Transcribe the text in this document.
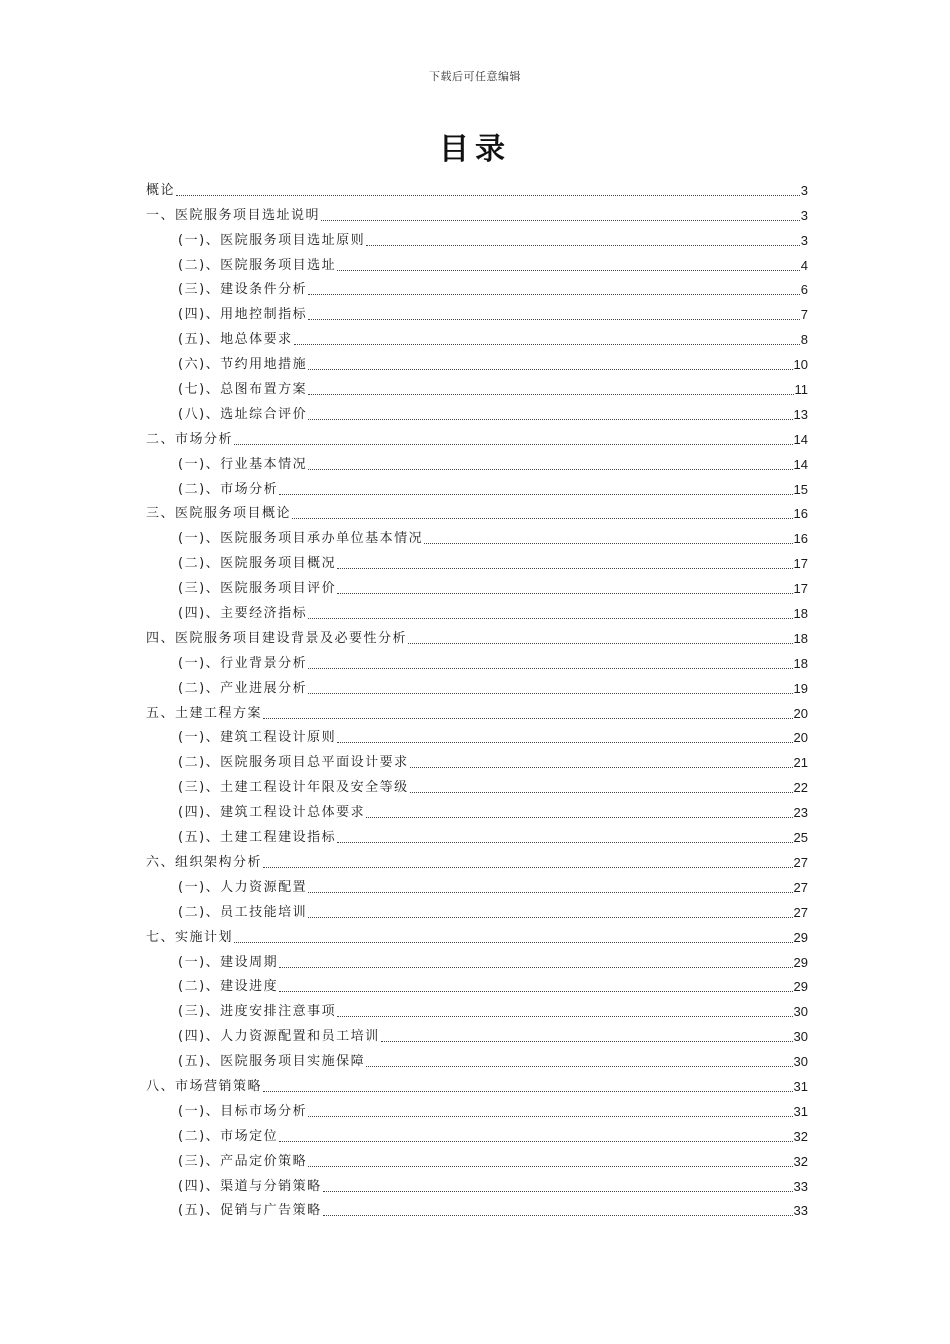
下载后可任意编辑
目录
概论	3
一、医院服务项目选址说明	3
(一)、医院服务项目选址原则	3
(二)、医院服务项目选址	4
(三)、建设条件分析	6
(四)、用地控制指标	7
(五)、地总体要求	8
(六)、节约用地措施	10
(七)、总图布置方案	11
(八)、选址综合评价	13
二、市场分析	14
(一)、行业基本情况	14
(二)、市场分析	15
三、医院服务项目概论	16
(一)、医院服务项目承办单位基本情况	16
(二)、医院服务项目概况	17
(三)、医院服务项目评价	17
(四)、主要经济指标	18
四、医院服务项目建设背景及必要性分析	18
(一)、行业背景分析	18
(二)、产业进展分析	19
五、土建工程方案	20
(一)、建筑工程设计原则	20
(二)、医院服务项目总平面设计要求	21
(三)、土建工程设计年限及安全等级	22
(四)、建筑工程设计总体要求	23
(五)、土建工程建设指标	25
六、组织架构分析	27
(一)、人力资源配置	27
(二)、员工技能培训	27
七、实施计划	29
(一)、建设周期	29
(二)、建设进度	29
(三)、进度安排注意事项	30
(四)、人力资源配置和员工培训	30
(五)、医院服务项目实施保障	30
八、市场营销策略	31
(一)、目标市场分析	31
(二)、市场定位	32
(三)、产品定价策略	32
(四)、渠道与分销策略	33
(五)、促销与广告策略	33
